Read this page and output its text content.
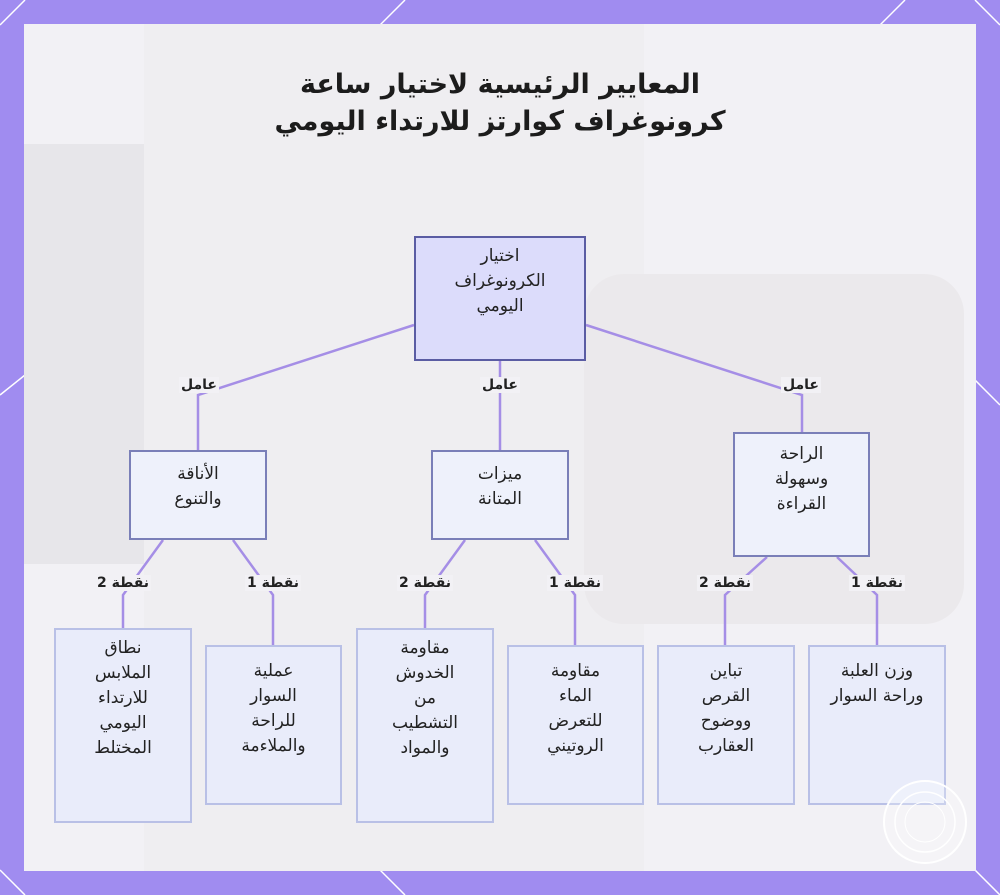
المعايير الرئيسية لاختيار ساعة كرونوغراف كوارتز للارتداء اليومي
اختيار الكرونوغراف اليومي
عامل	عامل	عامل
الراحة وسهولة القراءة
ميزات المتانة
الأناقة والتنوع
نقطة 2	نقطة 1	نقطة 2	نقطة 1	نقطة 2	نقطة 1
وزن العلبة وراحة السوار
تباين القرص ووضوح العقارب
مقاومة الماء للتعرض الروتيني
مقاومة الخدوش من التشطيب والمواد
عملية السوار للراحة والملاءمة
نطاق الملابس للارتداء اليومي المختلط
